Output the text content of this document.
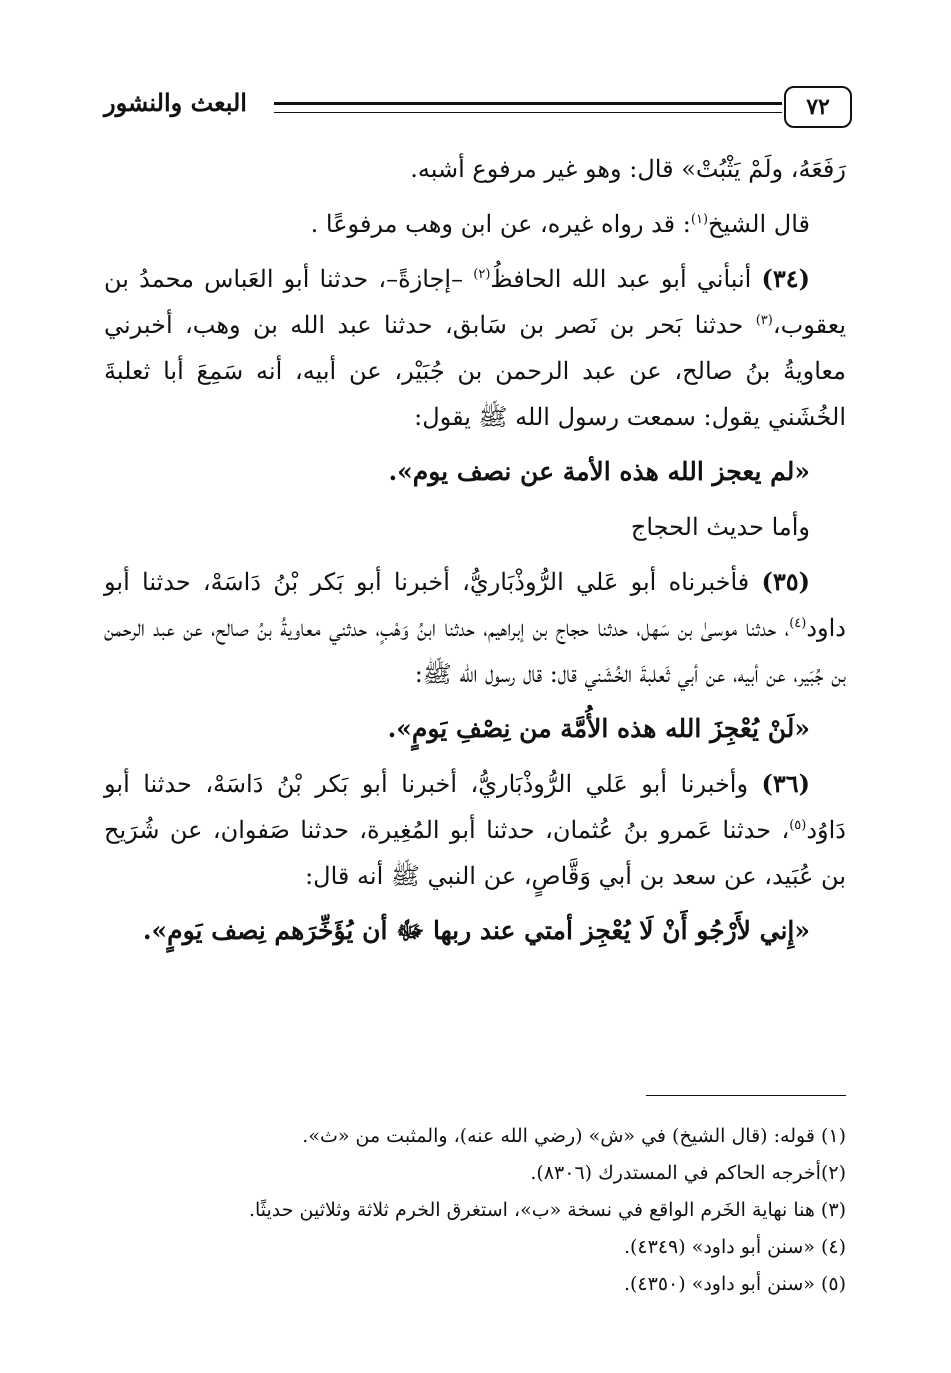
٧٢
البعث والنشور

رَفَعَهُ، ولَمْ يَثْبُتْ» قال: وهو غير مرفوع أشبه.

قال الشيخ$^{(١)}$: قد رواه غيره، عن ابن وهب مرفوعًا .

(٣٤) أنبأني أبو عبد الله الحافظُ$^{(٢)}$ –إجازةً–، حدثنا أبو العَباس محمدُ بن يعقوب،$^{(٣)}$ حدثنا بَحر بن نَصر بن سَابق، حدثنا عبد الله بن وهب، أخبرني معاويةُ بنُ صالح، عن عبد الرحمن بن جُبَيْر، عن أبيه، أنه سَمِعَ أبا ثعلبةَ الخُشَني يقول: سمعت رسول الله ﷺ يقول:

«لم يعجز الله هذه الأمة عن نصف يوم».

وأما حديث الحجاج

(٣٥) فأخبرناه أبو عَلي الرُّوذْبَاريُّ، أخبرنا أبو بَكر بْنُ دَاسَهْ، حدثنا أبو داود$^{(٤)}$، حدثنا موسىٰ بن سَهل، حدثنا حجاج بن إبراهيم، حدثنا ابنُ وَهْبٍ، حدثني معاويةُ بنُ صالح، عن عبد الرحمن بن جُبَير، عن أبيه، عن أبي ثَعلبةَ الخُشَني قال: قال رسول الله ﷺ:

«لَنْ يُعْجِزَ الله هذه الأُمَّة من نِصْفِ يَومٍ».

(٣٦) وأخبرنا أبو عَلي الرُّوذْبَاريُّ، أخبرنا أبو بَكر بْنُ دَاسَهْ، حدثنا أبو دَاوُد$^{(٥)}$، حدثنا عَمرو بنُ عُثمان، حدثنا أبو المُغِيرة، حدثنا صَفوان، عن شُرَيح بن عُبَيد، عن سعد بن أبي وَقَّاصٍ، عن النبي ﷺ أنه قال:

«إِني لأَرْجُو أَنْ لَا يُعْجِز أمتي عند ربها ﷻ أن يُؤَخِّرَهم نِصف يَومٍ».

(١) قوله: (قال الشيخ) في «ش» (رضي الله عنه)، والمثبت من «ث».
(٢)أخرجه الحاكم في المستدرك (٨٣٠٦).
(٣) هنا نهاية الخَرم الواقع في نسخة «ب»، استغرق الخرم ثلاثة وثلاثين حديثًا.
(٤) «سنن أبو داود» (٤٣٤٩).
(٥) «سنن أبو داود» (٤٣٥٠).
